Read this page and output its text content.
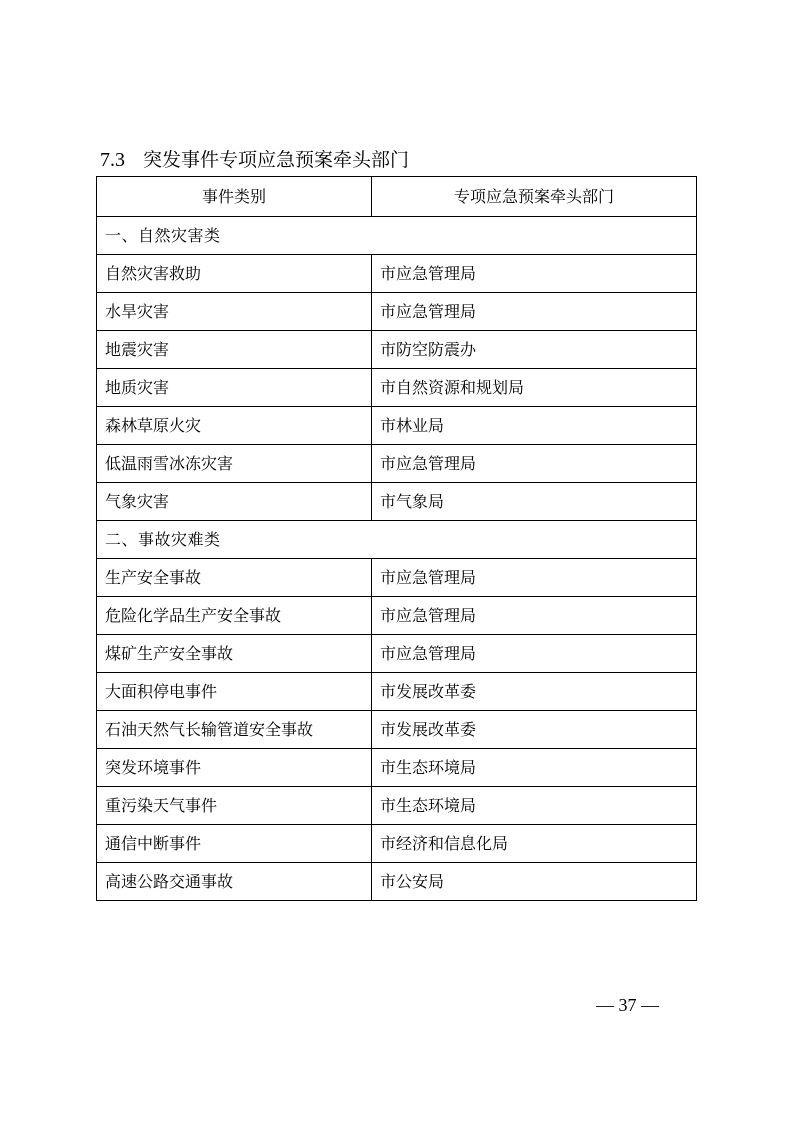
7.3 突发事件专项应急预案牵头部门
事件类别	专项应急预案牵头部门
一、自然灾害类	
自然灾害救助	市应急管理局
水旱灾害	市应急管理局
地震灾害	市防空防震办
地质灾害	市自然资源和规划局
森林草原火灾	市林业局
低温雨雪冰冻灾害	市应急管理局
气象灾害	市气象局
二、事故灾难类	
生产安全事故	市应急管理局
危险化学品生产安全事故	市应急管理局
煤矿生产安全事故	市应急管理局
大面积停电事件	市发展改革委
石油天然气长输管道安全事故	市发展改革委
突发环境事件	市生态环境局
重污染天气事件	市生态环境局
通信中断事件	市经济和信息化局
高速公路交通事故	市公安局
— 37 —
